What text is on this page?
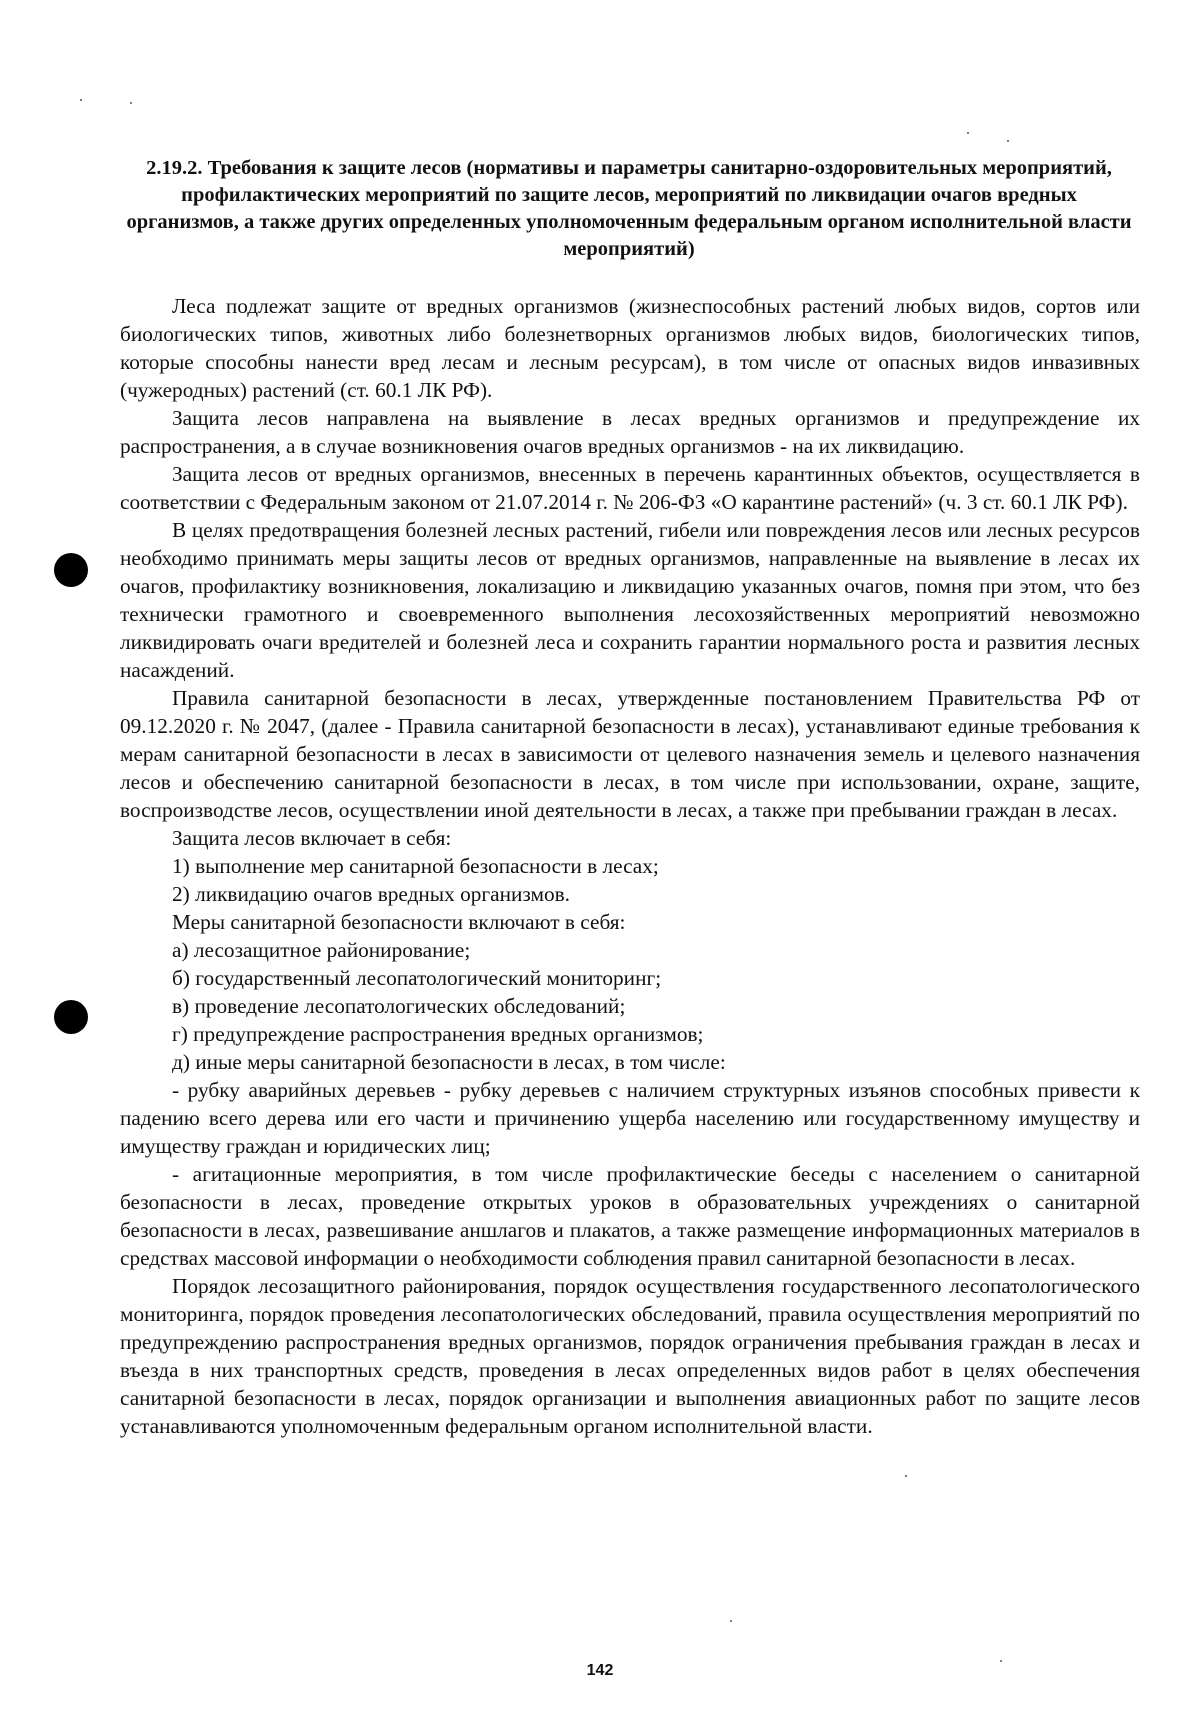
2.19.2. Требования к защите лесов (нормативы и параметры санитарно-оздоровительных мероприятий, профилактических мероприятий по защите лесов, мероприятий по ликвидации очагов вредных организмов, а также других определенных уполномоченным федеральным органом исполнительной власти мероприятий)

Леса подлежат защите от вредных организмов (жизнеспособных растений любых видов, сортов или биологических типов, животных либо болезнетворных организмов любых видов, биологических типов, которые способны нанести вред лесам и лесным ресурсам), в том числе от опасных видов инвазивных (чужеродных) растений (ст. 60.1 ЛК РФ).

Защита лесов направлена на выявление в лесах вредных организмов и предупреждение их распространения, а в случае возникновения очагов вредных организмов - на их ликвидацию.

Защита лесов от вредных организмов, внесенных в перечень карантинных объектов, осуществляется в соответствии с Федеральным законом от 21.07.2014 г. № 206-ФЗ «О карантине растений» (ч. 3 ст. 60.1 ЛК РФ).

В целях предотвращения болезней лесных растений, гибели или повреждения лесов или лесных ресурсов необходимо принимать меры защиты лесов от вредных организмов, направленные на выявление в лесах их очагов, профилактику возникновения, локализацию и ликвидацию указанных очагов, помня при этом, что без технически грамотного и своевременного выполнения лесохозяйственных мероприятий невозможно ликвидировать очаги вредителей и болезней леса и сохранить гарантии нормального роста и развития лесных насаждений.

Правила санитарной безопасности в лесах, утвержденные постановлением Правительства РФ от 09.12.2020 г. № 2047, (далее - Правила санитарной безопасности в лесах), устанавливают единые требования к мерам санитарной безопасности в лесах в зависимости от целевого назначения земель и целевого назначения лесов и обеспечению санитарной безопасности в лесах, в том числе при использовании, охране, защите, воспроизводстве лесов, осуществлении иной деятельности в лесах, а также при пребывании граждан в лесах.

Защита лесов включает в себя:

1) выполнение мер санитарной безопасности в лесах;

2) ликвидацию очагов вредных организмов.

Меры санитарной безопасности включают в себя:

а) лесозащитное районирование;

б) государственный лесопатологический мониторинг;

в) проведение лесопатологических обследований;

г) предупреждение распространения вредных организмов;

д) иные меры санитарной безопасности в лесах, в том числе:

- рубку аварийных деревьев - рубку деревьев с наличием структурных изъянов способных привести к падению всего дерева или его части и причинению ущерба населению или государственному имуществу и имуществу граждан и юридических лиц;

- агитационные мероприятия, в том числе профилактические беседы с населением о санитарной безопасности в лесах, проведение открытых уроков в образовательных учреждениях о санитарной безопасности в лесах, развешивание аншлагов и плакатов, а также размещение информационных материалов в средствах массовой информации о необходимости соблюдения правил санитарной безопасности в лесах.

Порядок лесозащитного районирования, порядок осуществления государственного лесопатологического мониторинга, порядок проведения лесопатологических обследований, правила осуществления мероприятий по предупреждению распространения вредных организмов, порядок ограничения пребывания граждан в лесах и въезда в них транспортных средств, проведения в лесах определенных видов работ в целях обеспечения санитарной безопасности в лесах, порядок организации и выполнения авиационных работ по защите лесов устанавливаются уполномоченным федеральным органом исполнительной власти.

142
